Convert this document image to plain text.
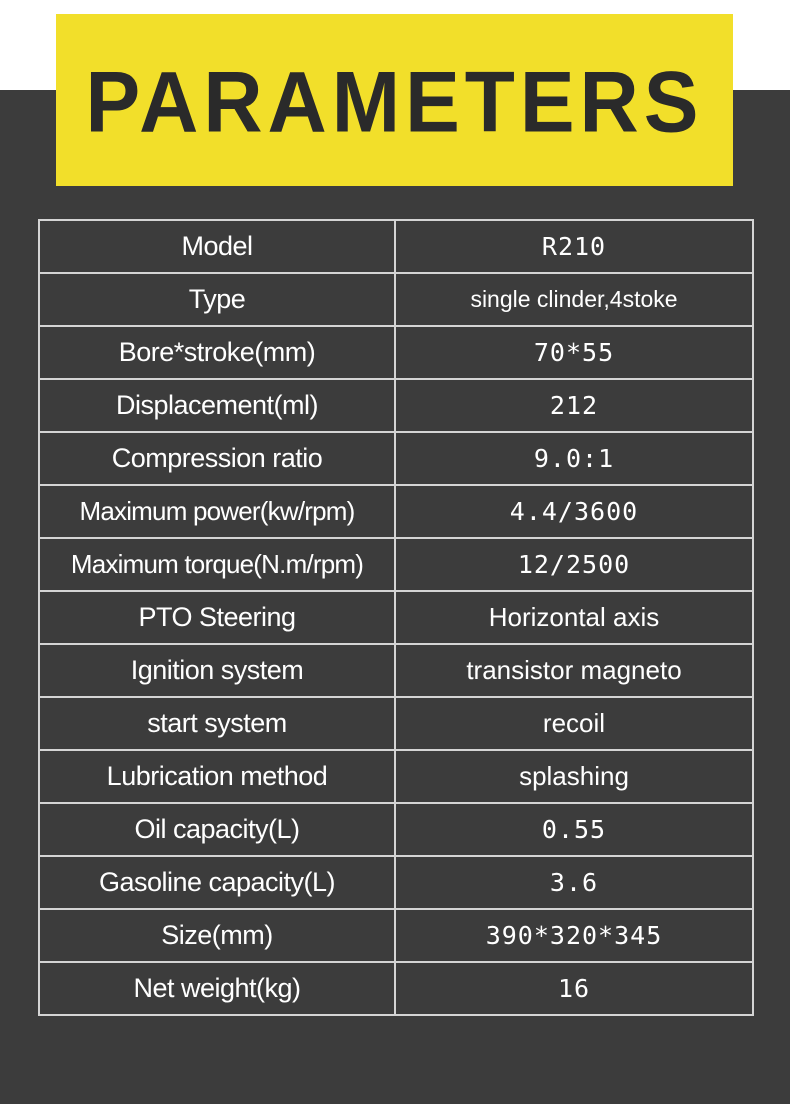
PARAMETERS
Model	R210
Type	single clinder,4stoke
Bore*stroke(mm)	70*55
Displacement(ml)	212
Compression ratio	9.0:1
Maximum power(kw/rpm)	4.4/3600
Maximum torque(N.m/rpm)	12/2500
PTO Steering	Horizontal axis
Ignition system	transistor magneto
start system	recoil
Lubrication method	splashing
Oil capacity(L)	0.55
Gasoline capacity(L)	3.6
Size(mm)	390*320*345
Net weight(kg)	16
